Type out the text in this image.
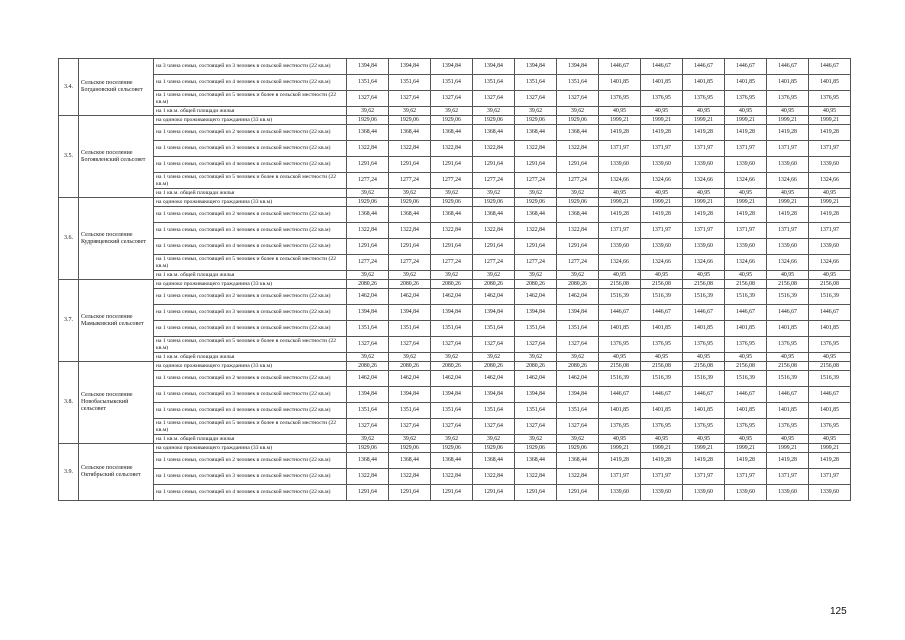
3.4.	Сельское поселение Богдановский сельсовет	на 3 члена семьи, состоящей из 3 человек в сельской местности (22 кв.м)	1394,84	1394,84	1394,84	1394,84	1394,84	1394,84	1446,67	1446,67	1446,67	1446,67	1446,67	1446,67
		на 1 члена семьи, состоящей из 4 человек в сельской местности (22 кв.м)	1351,64	1351,64	1351,64	1351,64	1351,64	1351,64	1401,85	1401,85	1401,85	1401,85	1401,85	1401,85
		на 1 члена семьи, состоящей из 5 человек и более в сельской местности (22 кв.м)	1327,64	1327,64	1327,64	1327,64	1327,64	1327,64	1376,95	1376,95	1376,95	1376,95	1376,95	1376,95
		на 1 кв.м. общей площади жилья	39,62	39,62	39,62	39,62	39,62	39,62	40,95	40,95	40,95	40,95	40,95	40,95
3.5.	Сельское поселение Богоявленский сельсовет	на одиноко проживающего гражданина (33 кв.м)	1929,06	1929,06	1929,06	1929,06	1929,06	1929,06	1999,21	1999,21	1999,21	1999,21	1999,21	1999,21
		на 1 члена семьи, состоящей из 2 человек в сельской местности (22 кв.м)	1368,44	1368,44	1368,44	1368,44	1368,44	1368,44	1419,28	1419,28	1419,28	1419,28	1419,28	1419,28
		на 1 члена семьи, состоящей из 3 человек в сельской местности (22 кв.м)	1322,84	1322,84	1322,84	1322,84	1322,84	1322,84	1371,97	1371,97	1371,97	1371,97	1371,97	1371,97
		на 1 члена семьи, состоящей из 4 человек в сельской местности (22 кв.м)	1291,64	1291,64	1291,64	1291,64	1291,64	1291,64	1339,60	1339,60	1339,60	1339,60	1339,60	1339,60
		на 1 члена семьи, состоящей из 5 человек и более в сельской местности (22 кв.м)	1277,24	1277,24	1277,24	1277,24	1277,24	1277,24	1324,66	1324,66	1324,66	1324,66	1324,66	1324,66
		на 1 кв.м. общей площади жилья	39,62	39,62	39,62	39,62	39,62	39,62	40,95	40,95	40,95	40,95	40,95	40,95
3.6.	Сельское поселение Кудрявцевский сельсовет	на одиноко проживающего гражданина (33 кв.м)	1929,06	1929,06	1929,06	1929,06	1929,06	1929,06	1999,21	1999,21	1999,21	1999,21	1999,21	1999,21
		на 1 члена семьи, состоящей из 2 человек в сельской местности (22 кв.м)	1368,44	1368,44	1368,44	1368,44	1368,44	1368,44	1419,28	1419,28	1419,28	1419,28	1419,28	1419,28
		на 1 члена семьи, состоящей из 3 человек в сельской местности (22 кв.м)	1322,84	1322,84	1322,84	1322,84	1322,84	1322,84	1371,97	1371,97	1371,97	1371,97	1371,97	1371,97
		на 1 члена семьи, состоящей из 4 человек в сельской местности (22 кв.м)	1291,64	1291,64	1291,64	1291,64	1291,64	1291,64	1339,60	1339,60	1339,60	1339,60	1339,60	1339,60
		на 1 члена семьи, состоящей из 5 человек и более в сельской местности (22 кв.м)	1277,24	1277,24	1277,24	1277,24	1277,24	1277,24	1324,66	1324,66	1324,66	1324,66	1324,66	1324,66
		на 1 кв.м. общей площади жилья	39,62	39,62	39,62	39,62	39,62	39,62	40,95	40,95	40,95	40,95	40,95	40,95
3.7.	Сельское поселение Мамыковский сельсовет	на одиноко проживающего гражданина (33 кв.м)	2080,26	2080,26	2080,26	2080,26	2080,26	2080,26	2156,08	2156,08	2156,08	2156,08	2156,08	2156,08
		на 1 члена семьи, состоящей из 2 человек в сельской местности (22 кв.м)	1462,04	1462,04	1462,04	1462,04	1462,04	1462,04	1516,39	1516,39	1516,39	1516,39	1516,39	1516,39
		на 1 члена семьи, состоящей из 3 человек в сельской местности (22 кв.м)	1394,84	1394,84	1394,84	1394,84	1394,84	1394,84	1446,67	1446,67	1446,67	1446,67	1446,67	1446,67
		на 1 члена семьи, состоящей из 4 человек в сельской местности (22 кв.м)	1351,64	1351,64	1351,64	1351,64	1351,64	1351,64	1401,85	1401,85	1401,85	1401,85	1401,85	1401,85
		на 1 члена семьи, состоящей из 5 человек и более в сельской местности (22 кв.м)	1327,64	1327,64	1327,64	1327,64	1327,64	1327,64	1376,95	1376,95	1376,95	1376,95	1376,95	1376,95
		на 1 кв.м. общей площади жилья	39,62	39,62	39,62	39,62	39,62	39,62	40,95	40,95	40,95	40,95	40,95	40,95
3.8.	Сельское поселение Новобасылыкский сельсовет	на одиноко проживающего гражданина (33 кв.м)	2080,26	2080,26	2080,26	2080,26	2080,26	2080,26	2156,08	2156,08	2156,08	2156,08	2156,08	2156,08
		на 1 члена семьи, состоящей из 2 человек в сельской местности (22 кв.м)	1462,04	1462,04	1462,04	1462,04	1462,04	1462,04	1516,39	1516,39	1516,39	1516,39	1516,39	1516,39
		на 1 члена семьи, состоящей из 3 человек в сельской местности (22 кв.м)	1394,84	1394,84	1394,84	1394,84	1394,84	1394,84	1446,67	1446,67	1446,67	1446,67	1446,67	1446,67
		на 1 члена семьи, состоящей из 4 человек в сельской местности (22 кв.м)	1351,64	1351,64	1351,64	1351,64	1351,64	1351,64	1401,85	1401,85	1401,85	1401,85	1401,85	1401,85
		на 1 члена семьи, состоящей из 5 человек и более в сельской местности (22 кв.м)	1327,64	1327,64	1327,64	1327,64	1327,64	1327,64	1376,95	1376,95	1376,95	1376,95	1376,95	1376,95
		на 1 кв.м. общей площади жилья	39,62	39,62	39,62	39,62	39,62	39,62	40,95	40,95	40,95	40,95	40,95	40,95
3.9.	Сельское поселение Октябрьский сельсовет	на одиноко проживающего гражданина (33 кв.м)	1929,06	1929,06	1929,06	1929,06	1929,06	1929,06	1999,21	1999,21	1999,21	1999,21	1999,21	1999,21
		на 1 члена семьи, состоящей из 2 человек в сельской местности (22 кв.м)	1368,44	1368,44	1368,44	1368,44	1368,44	1368,44	1419,28	1419,28	1419,28	1419,28	1419,28	1419,28
		на 1 члена семьи, состоящей из 3 человек в сельской местности (22 кв.м)	1322,84	1322,84	1322,84	1322,84	1322,84	1322,84	1371,97	1371,97	1371,97	1371,97	1371,97	1371,97
		на 1 члена семьи, состоящей из 4 человек в сельской местности (22 кв.м)	1291,64	1291,64	1291,64	1291,64	1291,64	1291,64	1339,60	1339,60	1339,60	1339,60	1339,60	1339,60
125
